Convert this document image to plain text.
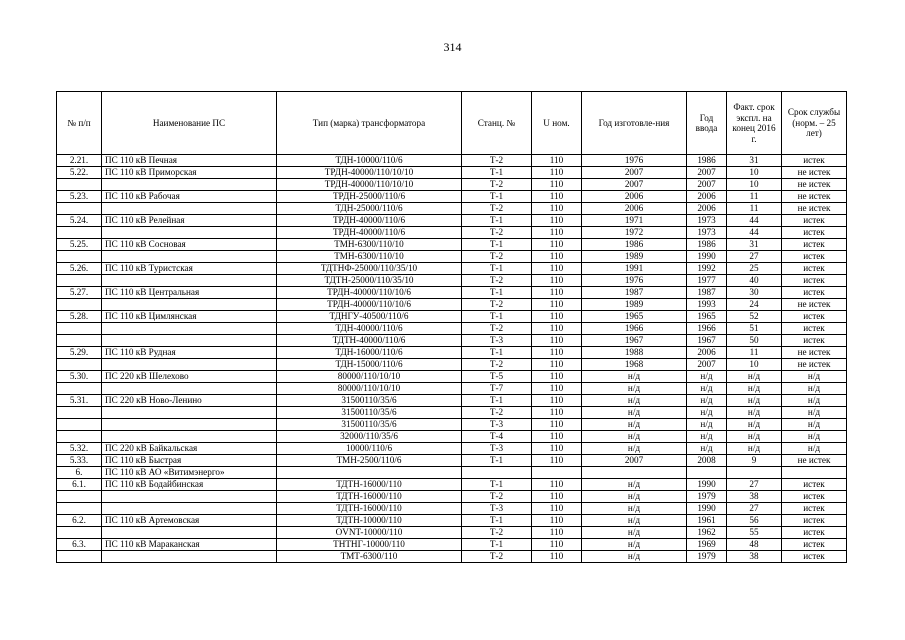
314
№ п/п	Наименование ПС	Тип (марка) трансформатора	Станц. №	U ном.	Год изготовле-ния	Год ввода	Факт. срок экспл. на конец 2016 г.	Срок службы (норм. – 25 лет)
2.21.	ПС 110 кВ Печная	ТДН-10000/110/6	Т-2	110	1976	1986	31	истек
5.22.	ПС 110 кВ Приморская	ТРДН-40000/110/10/10	Т-1	110	2007	2007	10	не истек
		ТРДН-40000/110/10/10	Т-2	110	2007	2007	10	не истек
5.23.	ПС 110 кВ Рабочая	ТРДН-25000/110/6	Т-1	110	2006	2006	11	не истек
		ТДН-25000/110/6	Т-2	110	2006	2006	11	не истек
5.24.	ПС 110 кВ Релейная	ТРДН-40000/110/6	Т-1	110	1971	1973	44	истек
		ТРДН-40000/110/6	Т-2	110	1972	1973	44	истек
5.25.	ПС 110 кВ Сосновая	ТМН-6300/110/10	Т-1	110	1986	1986	31	истек
		ТМН-6300/110/10	Т-2	110	1989	1990	27	истек
5.26.	ПС 110 кВ Туристская	ТДТНФ-25000/110/35/10	Т-1	110	1991	1992	25	истек
		ТДТН-25000/110/35/10	Т-2	110	1976	1977	40	истек
5.27.	ПС 110 кВ Центральная	ТРДН-40000/110/10/6	Т-1	110	1987	1987	30	истек
		ТРДН-40000/110/10/6	Т-2	110	1989	1993	24	не истек
5.28.	ПС 110 кВ Цимлянская	ТДНГУ-40500/110/6	Т-1	110	1965	1965	52	истек
		ТДН-40000/110/6	Т-2	110	1966	1966	51	истек
		ТДТН-40000/110/6	Т-3	110	1967	1967	50	истек
5.29.	ПС 110 кВ Рудная	ТДН-16000/110/6	Т-1	110	1988	2006	11	не истек
		ТДН-15000/110/6	Т-2	110	1968	2007	10	не истек
5.30.	ПС 220 кВ Шелехово	80000/110/10/10	Т-5	110	н/д	н/д	н/д	н/д
		80000/110/10/10	Т-7	110	н/д	н/д	н/д	н/д
5.31.	ПС 220 кВ Ново-Ленино	31500110/35/6	Т-1	110	н/д	н/д	н/д	н/д
		31500110/35/6	Т-2	110	н/д	н/д	н/д	н/д
		31500110/35/6	Т-3	110	н/д	н/д	н/д	н/д
		32000/110/35/6	Т-4	110	н/д	н/д	н/д	н/д
5.32.	ПС 220 кВ Байкальская	10000/110/6	Т-3	110	н/д	н/д	н/д	н/д
5.33.	ПС 110 кВ Быстрая	ТМН-2500/110/6	Т-1	110	2007	2008	9	не истек
6.	ПС 110 кВ АО «Витимэнерго»							
6.1.	ПС 110 кВ Бодайбинская	ТДТН-16000/110	Т-1	110	н/д	1990	27	истек
		ТДТН-16000/110	Т-2	110	н/д	1979	38	истек
		ТДТН-16000/110	Т-3	110	н/д	1990	27	истек
6.2.	ПС 110 кВ Артемовская	ТДТН-10000/110	Т-1	110	н/д	1961	56	истек
		OVNT-10000/110	Т-2	110	н/д	1962	55	истек
6.3.	ПС 110 кВ Мараканская	ТНТНГ-10000/110	Т-1	110	н/д	1969	48	истек
		ТМТ-6300/110	Т-2	110	н/д	1979	38	истек
